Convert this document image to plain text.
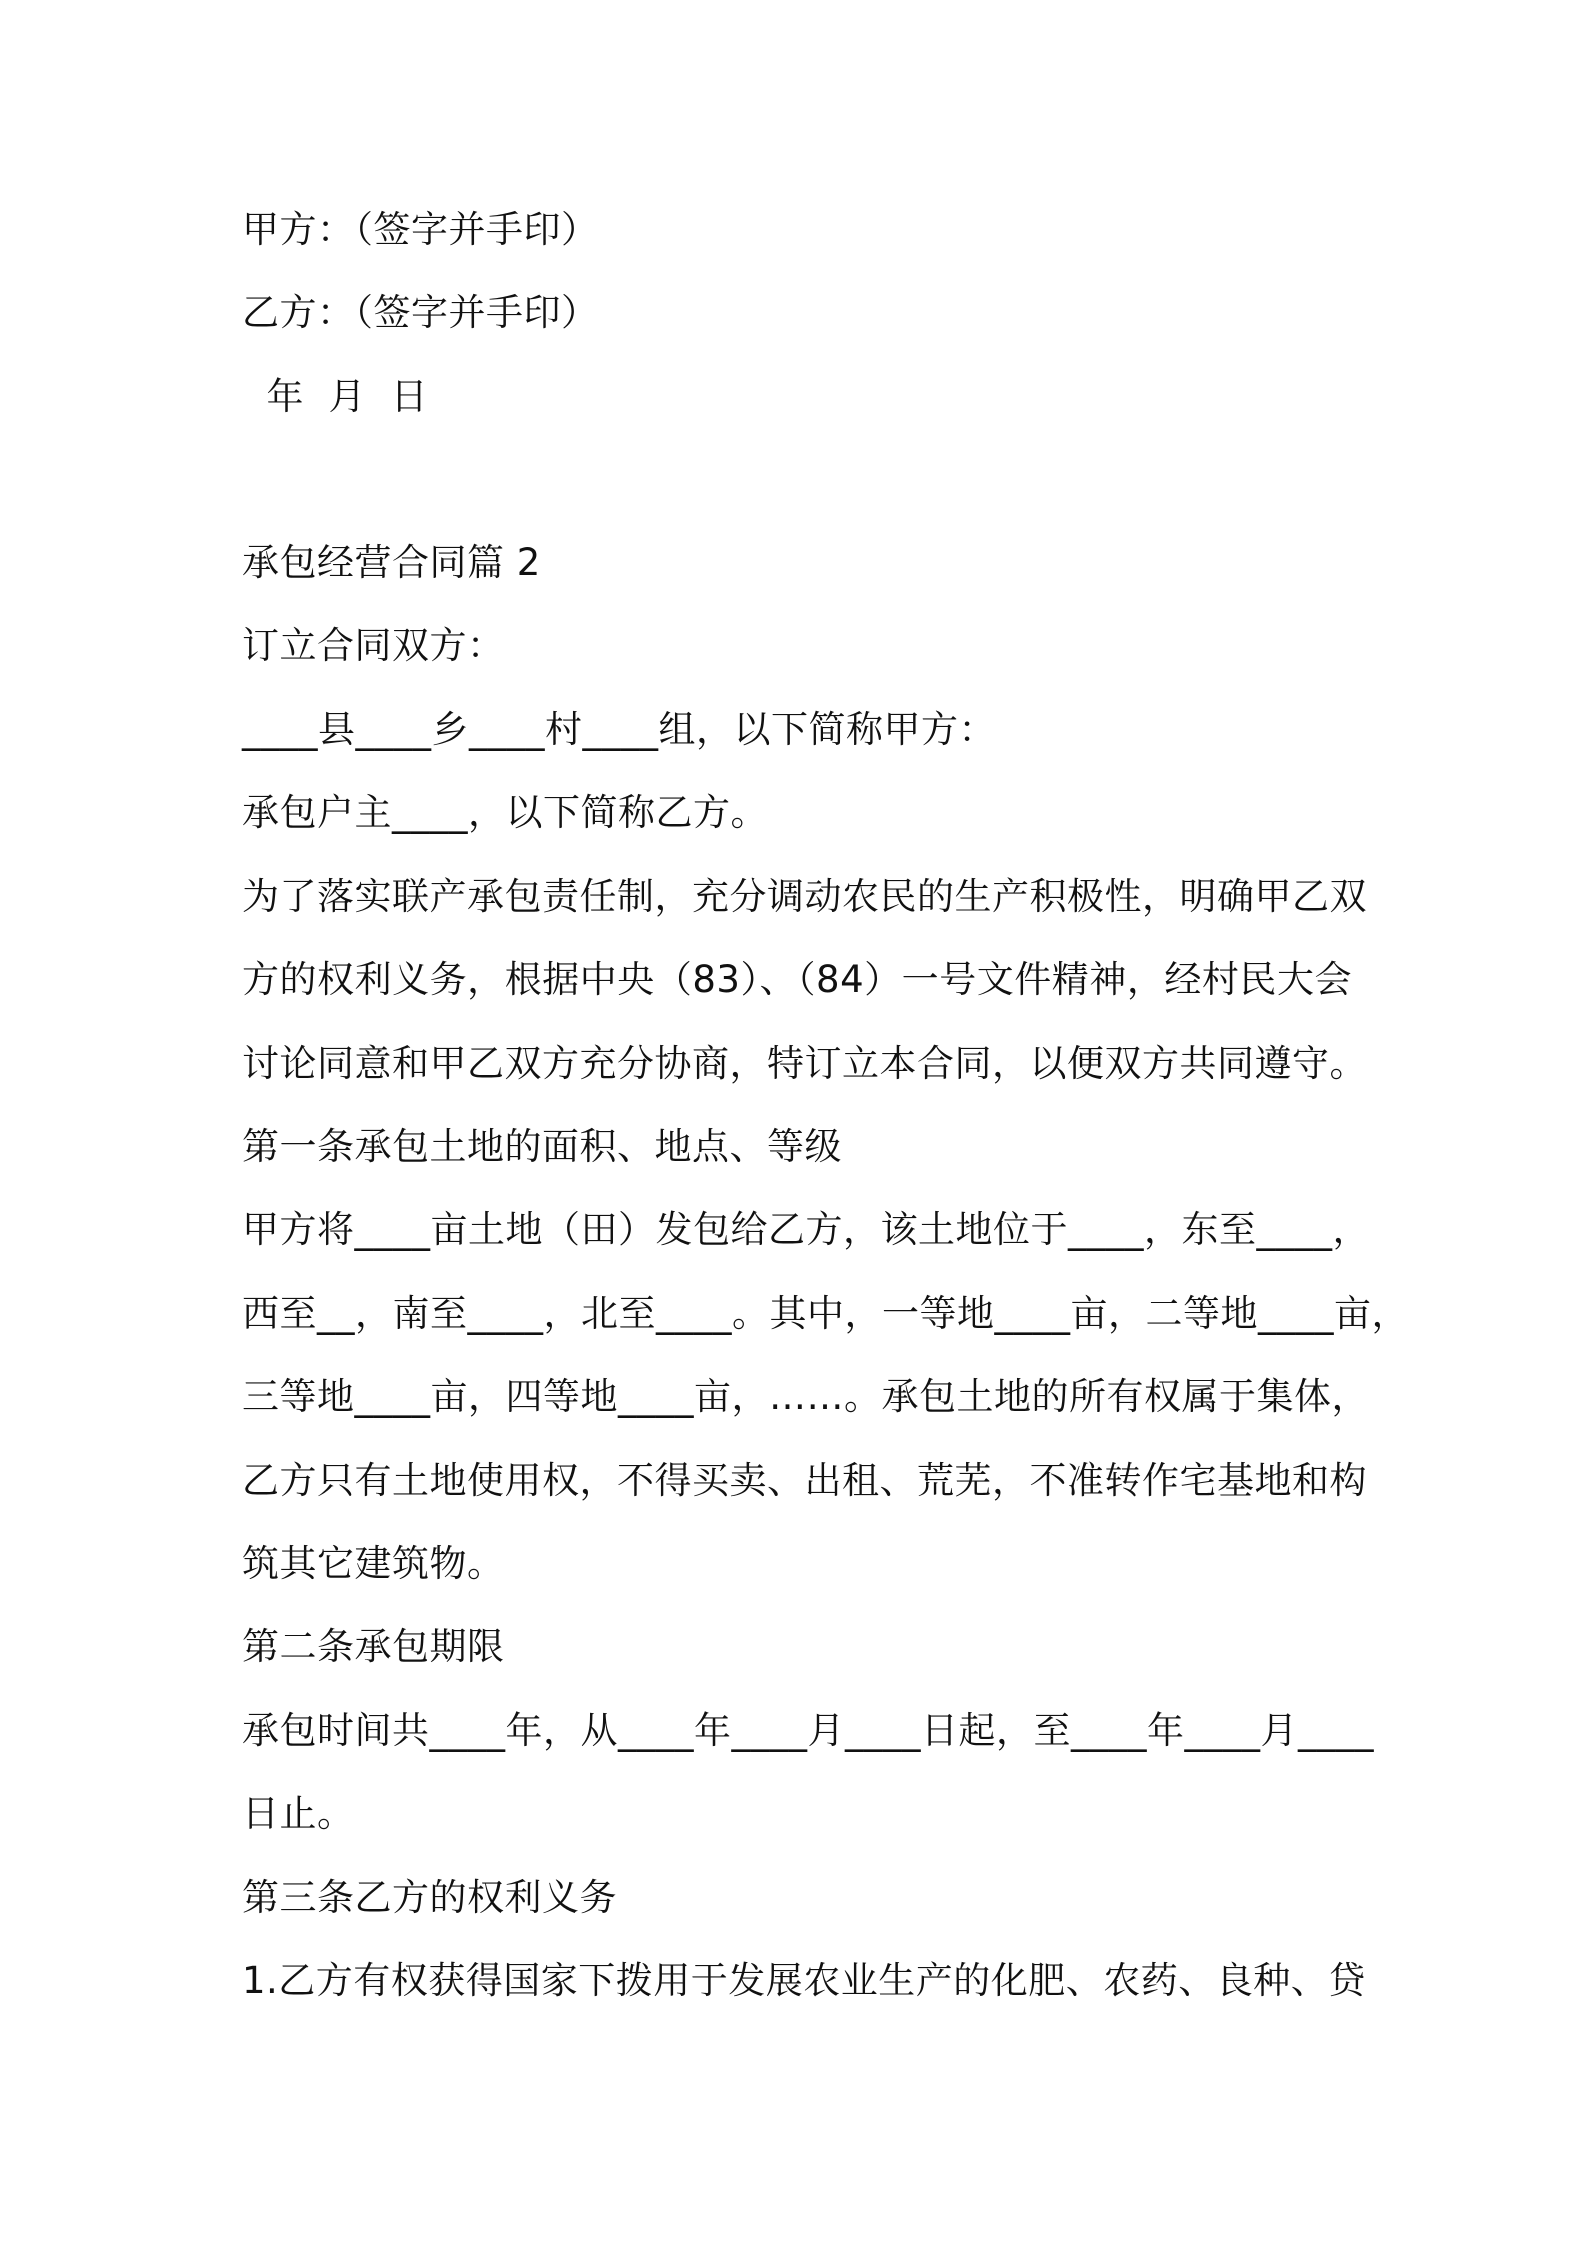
甲方：（签字并手印）

乙方：（签字并手印）

年  月  日

承包经营合同篇 2

订立合同双方：

____县____乡____村____组，以下简称甲方：

承包户主____，以下简称乙方。

为了落实联产承包责任制，充分调动农民的生产积极性，明确甲乙双

方的权利义务，根据中央（83）、（84）一号文件精神，经村民大会

讨论同意和甲乙双方充分协商，特订立本合同，以便双方共同遵守。

第一条承包土地的面积、地点、等级

甲方将____亩土地（田）发包给乙方，该土地位于____，东至____，

西至__，南至____，北至____。其中，一等地____亩，二等地____亩，

三等地____亩，四等地____亩，……。承包土地的所有权属于集体，

乙方只有土地使用权，不得买卖、出租、荒芜，不准转作宅基地和构

筑其它建筑物。

第二条承包期限

承包时间共____年，从____年____月____日起，至____年____月____

日止。

第三条乙方的权利义务

1.乙方有权获得国家下拨用于发展农业生产的化肥、农药、良种、贷
